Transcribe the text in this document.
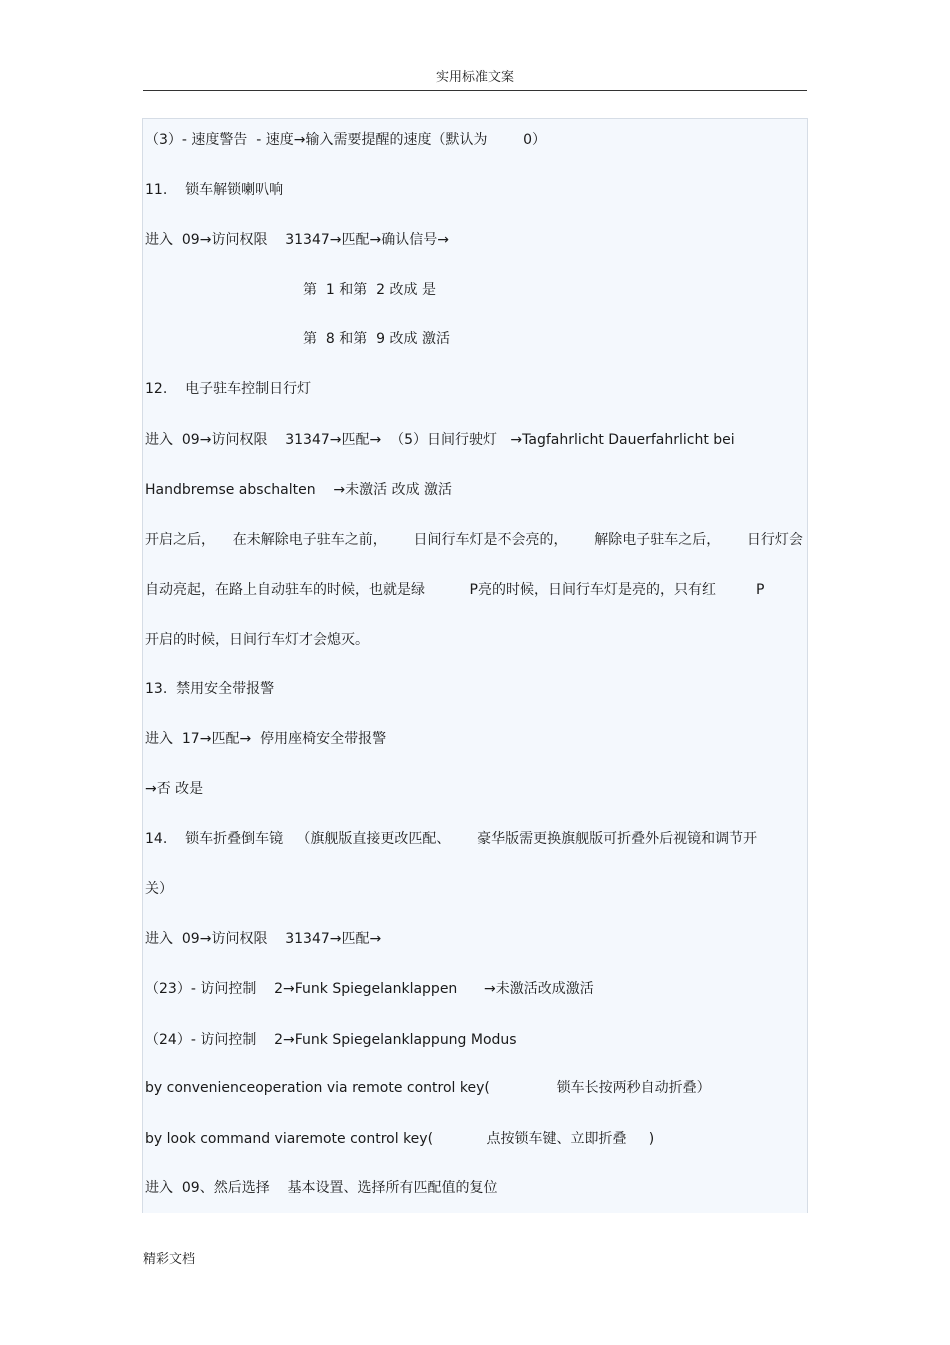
实用标准文案
（3）- 速度警告  - 速度→输入需要提醒的速度（默认为        0）
11.    锁车解锁喇叭响
进入  09→访问权限    31347→匹配→确认信号→
第  1 和第  2 改成 是
第  8 和第  9 改成 激活
12.    电子驻车控制日行灯
进入  09→访问权限    31347→匹配→  （5）日间行驶灯   →Tagfahrlicht Dauerfahrlicht bei
Handbremse abschalten    →未激活 改成 激活
开启之后，    在未解除电子驻车之前，      日间行车灯是不会亮的，      解除电子驻车之后，      日行灯会
自动亮起，在路上自动驻车的时候，也就是绿          P亮的时候，日间行车灯是亮的，只有红         P
开启的时候，日间行车灯才会熄灭。
13.  禁用安全带报警
进入  17→匹配→  停用座椅安全带报警
→否 改是
14.    锁车折叠倒车镜   （旗舰版直接更改匹配、      豪华版需更换旗舰版可折叠外后视镜和调节开
关）
进入  09→访问权限    31347→匹配→
（23）- 访问控制    2→Funk Spiegelanklappen      →未激活改成激活
（24）- 访问控制    2→Funk Spiegelanklappung Modus
by convenienceoperation via remote control key(               锁车长按两秒自动折叠）
by look command viaremote control key(            点按锁车键、立即折叠     )
进入  09、然后选择    基本设置、选择所有匹配值的复位
精彩文档
